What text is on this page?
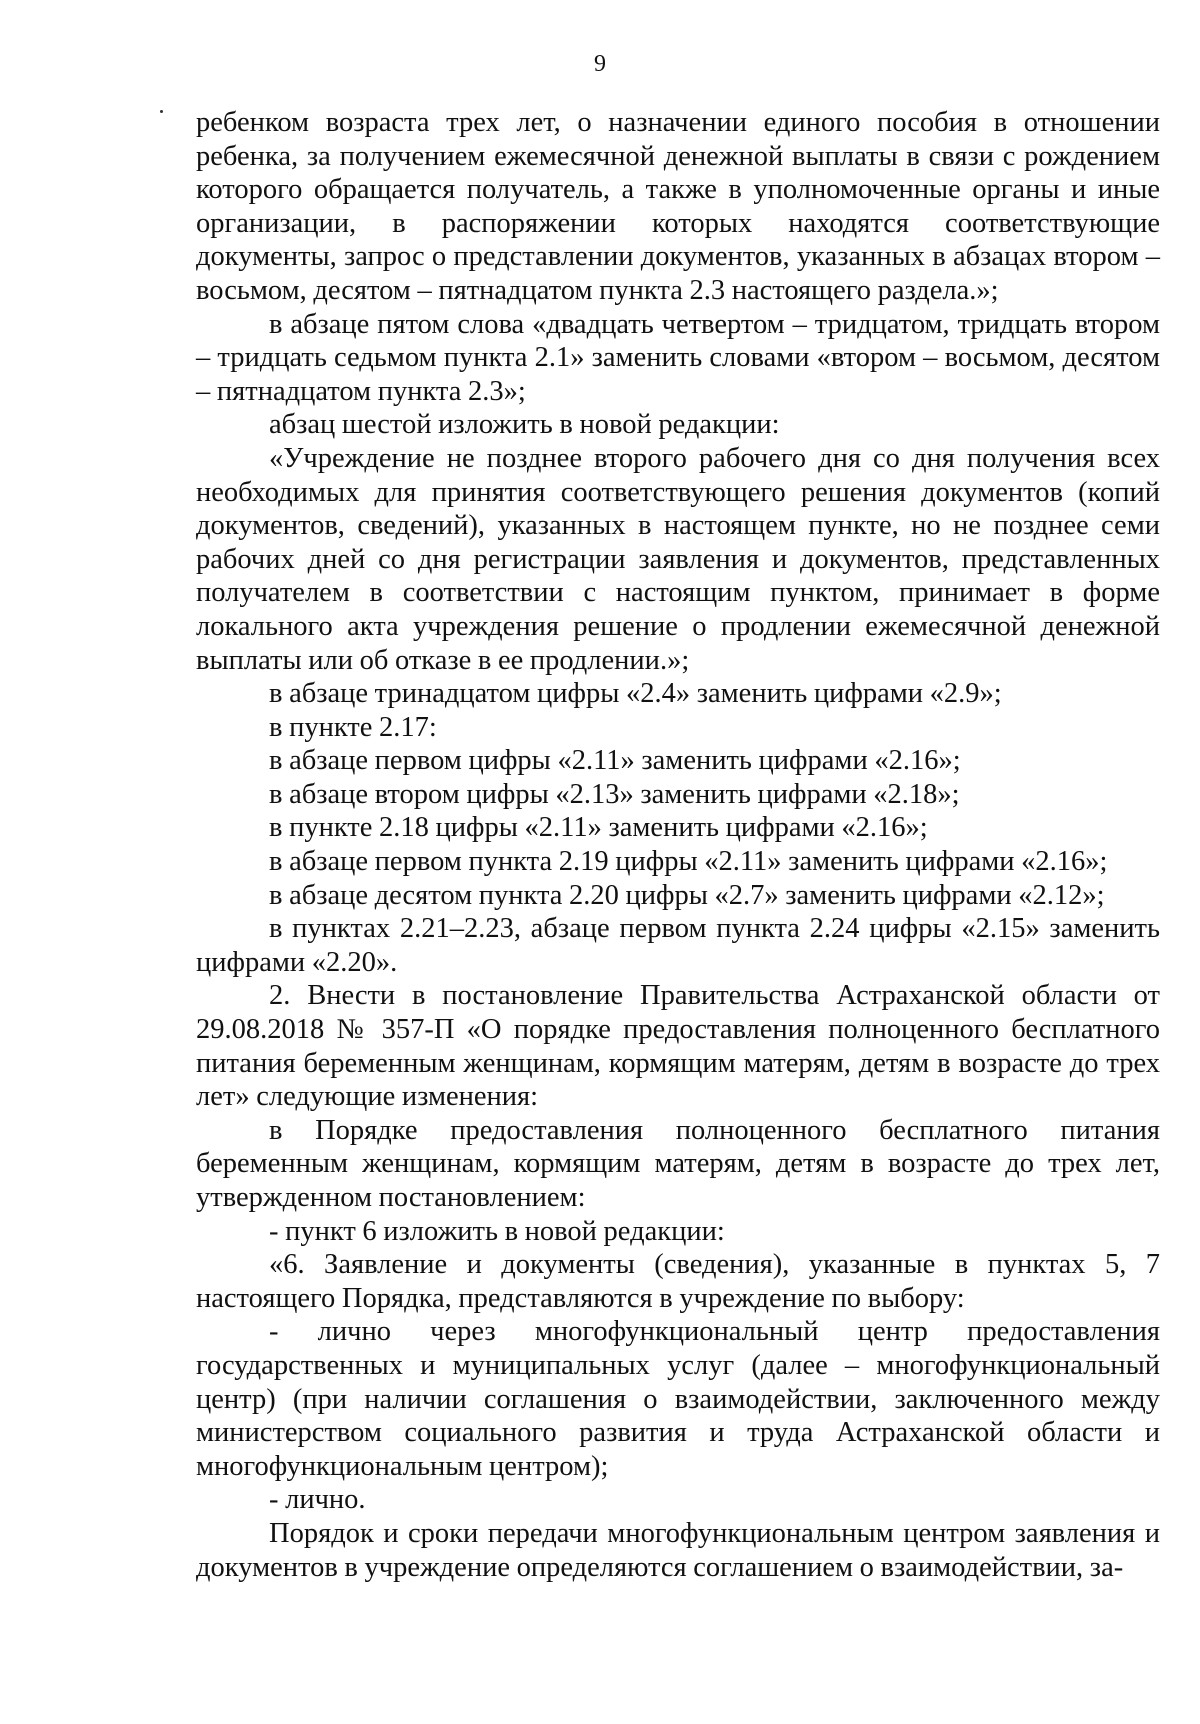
9

ребенком возраста трех лет, о назначении единого пособия в отношении ребенка, за получением ежемесячной денежной выплаты в связи с рождением которого обращается получатель, а также в уполномоченные органы и иные организации, в распоряжении которых находятся соответствующие документы, запрос о представлении документов, указанных в абзацах втором – восьмом, десятом – пятнадцатом пункта 2.3 настоящего раздела.»;

в абзаце пятом слова «двадцать четвертом – тридцатом, тридцать втором – тридцать седьмом пункта 2.1» заменить словами «втором – восьмом, десятом – пятнадцатом пункта 2.3»;

абзац шестой изложить в новой редакции:

«Учреждение не позднее второго рабочего дня со дня получения всех необходимых для принятия соответствующего решения документов (копий документов, сведений), указанных в настоящем пункте, но не позднее семи рабочих дней со дня регистрации заявления и документов, представленных получателем в соответствии с настоящим пунктом, принимает в форме локального акта учреждения решение о продлении ежемесячной денежной выплаты или об отказе в ее продлении.»;

в абзаце тринадцатом цифры «2.4» заменить цифрами «2.9»;

в пункте 2.17:

в абзаце первом цифры «2.11» заменить цифрами «2.16»;

в абзаце втором цифры «2.13» заменить цифрами «2.18»;

в пункте 2.18 цифры «2.11» заменить цифрами «2.16»;

в абзаце первом пункта 2.19 цифры «2.11» заменить цифрами «2.16»;

в абзаце десятом пункта 2.20 цифры «2.7» заменить цифрами «2.12»;

в пунктах 2.21–2.23, абзаце первом пункта 2.24 цифры «2.15» заменить цифрами «2.20».

2. Внести в постановление Правительства Астраханской области от 29.08.2018 № 357-П «О порядке предоставления полноценного бесплатного питания беременным женщинам, кормящим матерям, детям в возрасте до трех лет» следующие изменения:

в Порядке предоставления полноценного бесплатного питания беременным женщинам, кормящим матерям, детям в возрасте до трех лет, утвержденном постановлением:

- пункт 6 изложить в новой редакции:

«6. Заявление и документы (сведения), указанные в пунктах 5, 7 настоящего Порядка, представляются в учреждение по выбору:

- лично через многофункциональный центр предоставления государственных и муниципальных услуг (далее – многофункциональный центр) (при наличии соглашения о взаимодействии, заключенного между министерством социального развития и труда Астраханской области и многофункциональным центром);

- лично.

Порядок и сроки передачи многофункциональным центром заявления и документов в учреждение определяются соглашением о взаимодействии, за-
